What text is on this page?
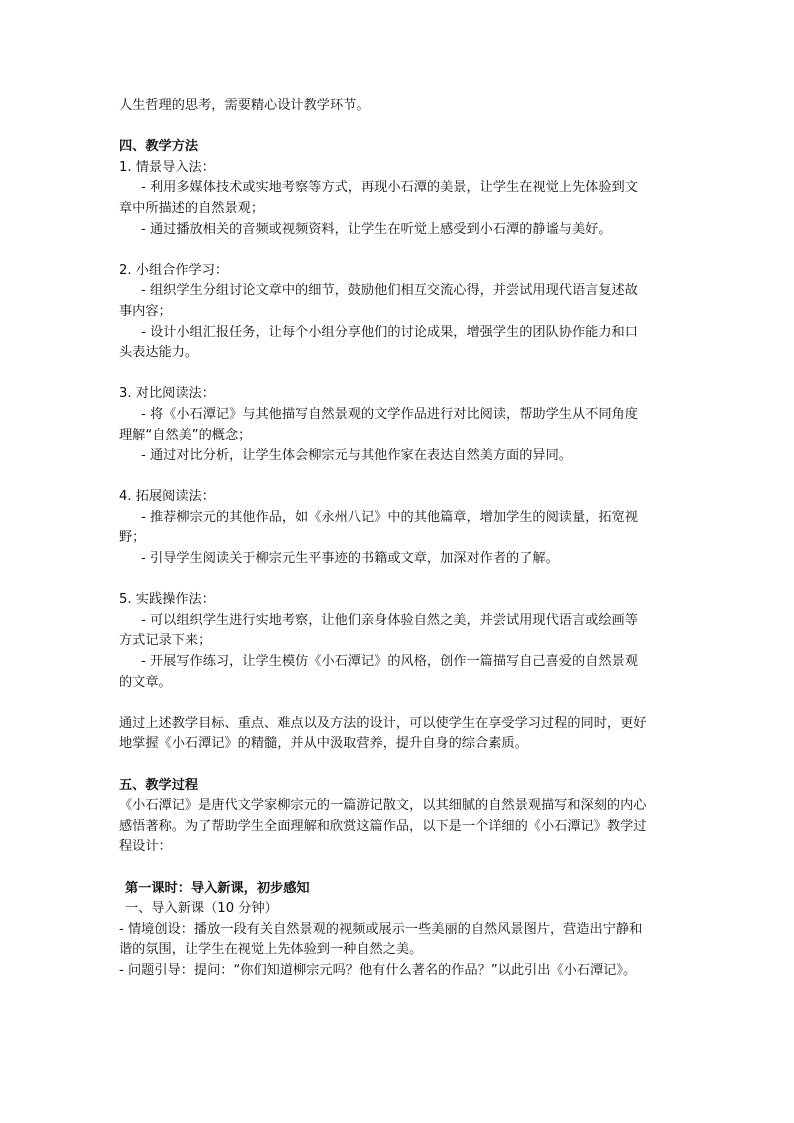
人生哲理的思考，需要精心设计教学环节。
四、教学方法
1. 情景导入法：
- 利用多媒体技术或实地考察等方式，再现小石潭的美景，让学生在视觉上先体验到文
章中所描述的自然景观；
- 通过播放相关的音频或视频资料，让学生在听觉上感受到小石潭的静谧与美好。
2. 小组合作学习：
- 组织学生分组讨论文章中的细节，鼓励他们相互交流心得，并尝试用现代语言复述故
事内容；
- 设计小组汇报任务，让每个小组分享他们的讨论成果，增强学生的团队协作能力和口
头表达能力。
3. 对比阅读法：
- 将《小石潭记》与其他描写自然景观的文学作品进行对比阅读，帮助学生从不同角度
理解“自然美”的概念；
- 通过对比分析，让学生体会柳宗元与其他作家在表达自然美方面的异同。
4. 拓展阅读法：
- 推荐柳宗元的其他作品，如《永州八记》中的其他篇章，增加学生的阅读量，拓宽视
野；
- 引导学生阅读关于柳宗元生平事迹的书籍或文章，加深对作者的了解。
5. 实践操作法：
- 可以组织学生进行实地考察，让他们亲身体验自然之美，并尝试用现代语言或绘画等
方式记录下来；
- 开展写作练习，让学生模仿《小石潭记》的风格，创作一篇描写自己喜爱的自然景观
的文章。
通过上述教学目标、重点、难点以及方法的设计，可以使学生在享受学习过程的同时，更好
地掌握《小石潭记》的精髓，并从中汲取营养，提升自身的综合素质。
五、教学过程
《小石潭记》是唐代文学家柳宗元的一篇游记散文，以其细腻的自然景观描写和深刻的内心
感悟著称。为了帮助学生全面理解和欣赏这篇作品，以下是一个详细的《小石潭记》教学过
程设计：
第一课时：导入新课，初步感知
一、导入新课（10 分钟）
- 情境创设：播放一段有关自然景观的视频或展示一些美丽的自然风景图片，营造出宁静和
谐的氛围，让学生在视觉上先体验到一种自然之美。
- 问题引导：提问：“你们知道柳宗元吗？他有什么著名的作品？”以此引出《小石潭记》。
